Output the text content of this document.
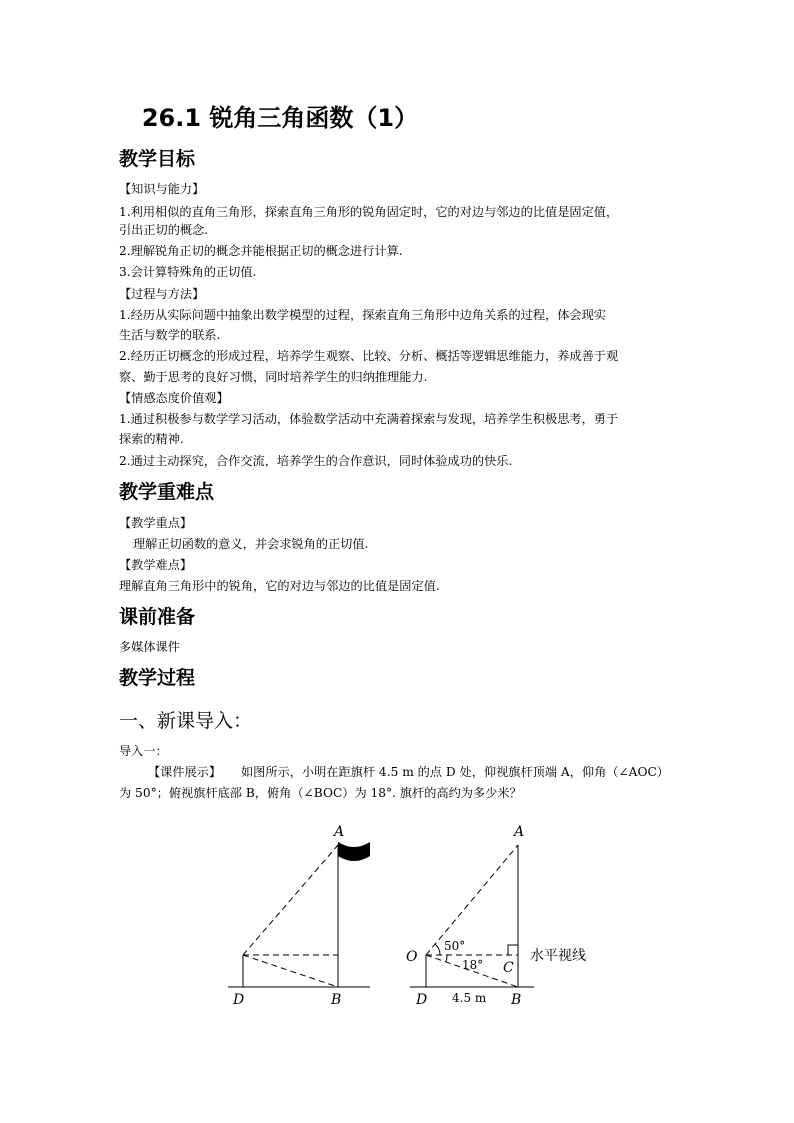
26.1 锐角三角函数（1）
教学目标
【知识与能力】
1.利用相似的直角三角形，探索直角三角形的锐角固定时，它的对边与邻边的比值是固定值，
引出正切的概念.
2.理解锐角正切的概念并能根据正切的概念进行计算.
3.会计算特殊角的正切值.
【过程与方法】
1.经历从实际问题中抽象出数学模型的过程，探索直角三角形中边角关系的过程，体会现实
生活与数学的联系.
2.经历正切概念的形成过程，培养学生观察、比较、分析、概括等逻辑思维能力，养成善于观
察、勤于思考的良好习惯，同时培养学生的归纳推理能力.
【情感态度价值观】
1.通过积极参与数学学习活动，体验数学活动中充满着探索与发现，培养学生积极思考，勇于
探索的精神.
2.通过主动探究，合作交流，培养学生的合作意识，同时体验成功的快乐.
教学重难点
【教学重点】
理解正切函数的意义，并会求锐角的正切值.
【教学难点】
理解直角三角形中的锐角，它的对边与邻边的比值是固定值.
课前准备
多媒体课件
教学过程
一、新课导入：
导入一：
【课件展示】 如图所示，小明在距旗杆 4.5 m 的点 D 处，仰视旗杆顶端 A，仰角（∠AOC）
为 50°；俯视旗杆底部 B，俯角（∠BOC）为 18°. 旗杆的高约为多少米？
A
D	B
A
O
C
D	B
50°
18°
4.5 m
水平视线
